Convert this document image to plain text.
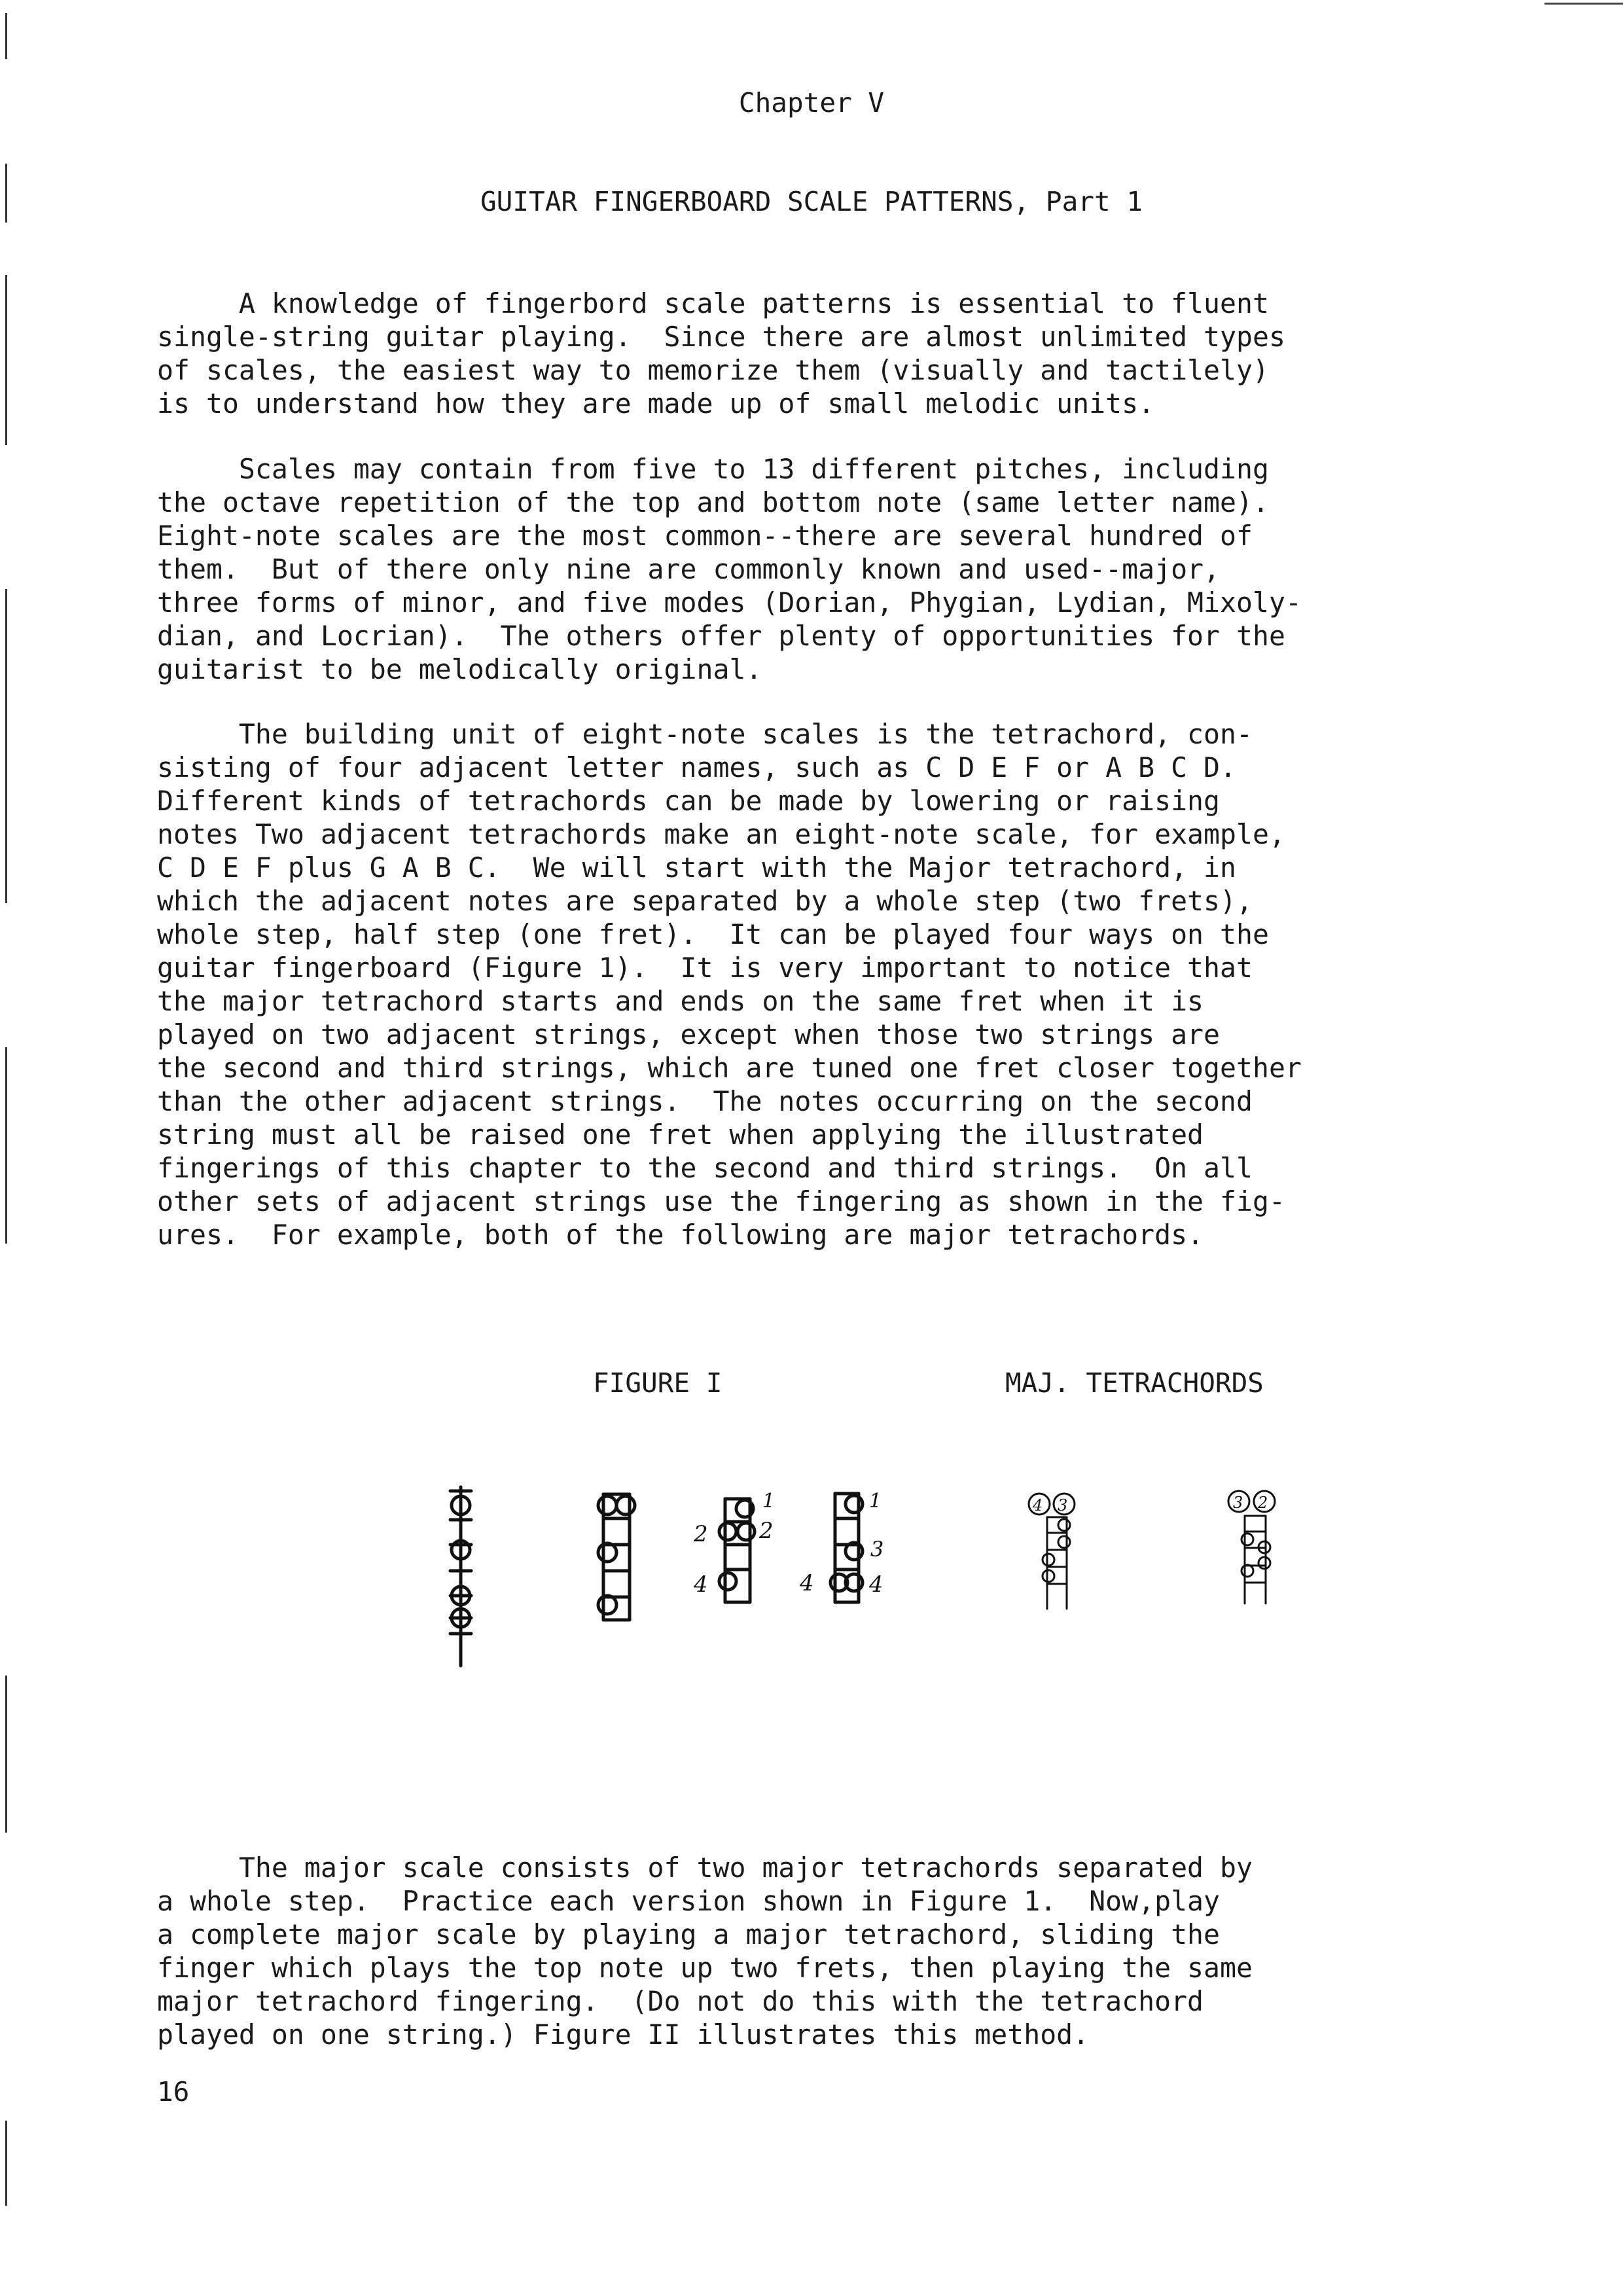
Chapter V
GUITAR FINGERBOARD SCALE PATTERNS, Part 1

A knowledge of fingerbord scale patterns is essential to fluent
single-string guitar playing.  Since there are almost unlimited types
of scales, the easiest way to memorize them (visually and tactilely)
is to understand how they are made up of small melodic units.

Scales may contain from five to 13 different pitches, including
the octave repetition of the top and bottom note (same letter name).
Eight-note scales are the most common--there are several hundred of
them.  But of there only nine are commonly known and used--major,
three forms of minor, and five modes (Dorian, Phygian, Lydian, Mixoly-
dian, and Locrian).  The others offer plenty of opportunities for the
guitarist to be melodically original.

The building unit of eight-note scales is the tetrachord, con-
sisting of four adjacent letter names, such as C D E F or A B C D.
Different kinds of tetrachords can be made by lowering or raising
notes Two adjacent tetrachords make an eight-note scale, for example,
C D E F plus G A B C.  We will start with the Major tetrachord, in
which the adjacent notes are separated by a whole step (two frets),
whole step, half step (one fret).  It can be played four ways on the
guitar fingerboard (Figure 1).  It is very important to notice that
the major tetrachord starts and ends on the same fret when it is
played on two adjacent strings, except when those two strings are
the second and third strings, which are tuned one fret closer together
than the other adjacent strings.  The notes occurring on the second
string must all be raised one fret when applying the illustrated
fingerings of this chapter to the second and third strings.  On all
other sets of adjacent strings use the fingering as shown in the fig-
ures.  For example, both of the following are major tetrachords.

FIGURE I	MAJ. TETRACHORDS
2 2
1
4
1
3
4 4
4 3	3 2

The major scale consists of two major tetrachords separated by
a whole step.  Practice each version shown in Figure 1.  Now,play
a complete major scale by playing a major tetrachord, sliding the
finger which plays the top note up two frets, then playing the same
major tetrachord fingering.  (Do not do this with the tetrachord
played on one string.) Figure II illustrates this method.

16
